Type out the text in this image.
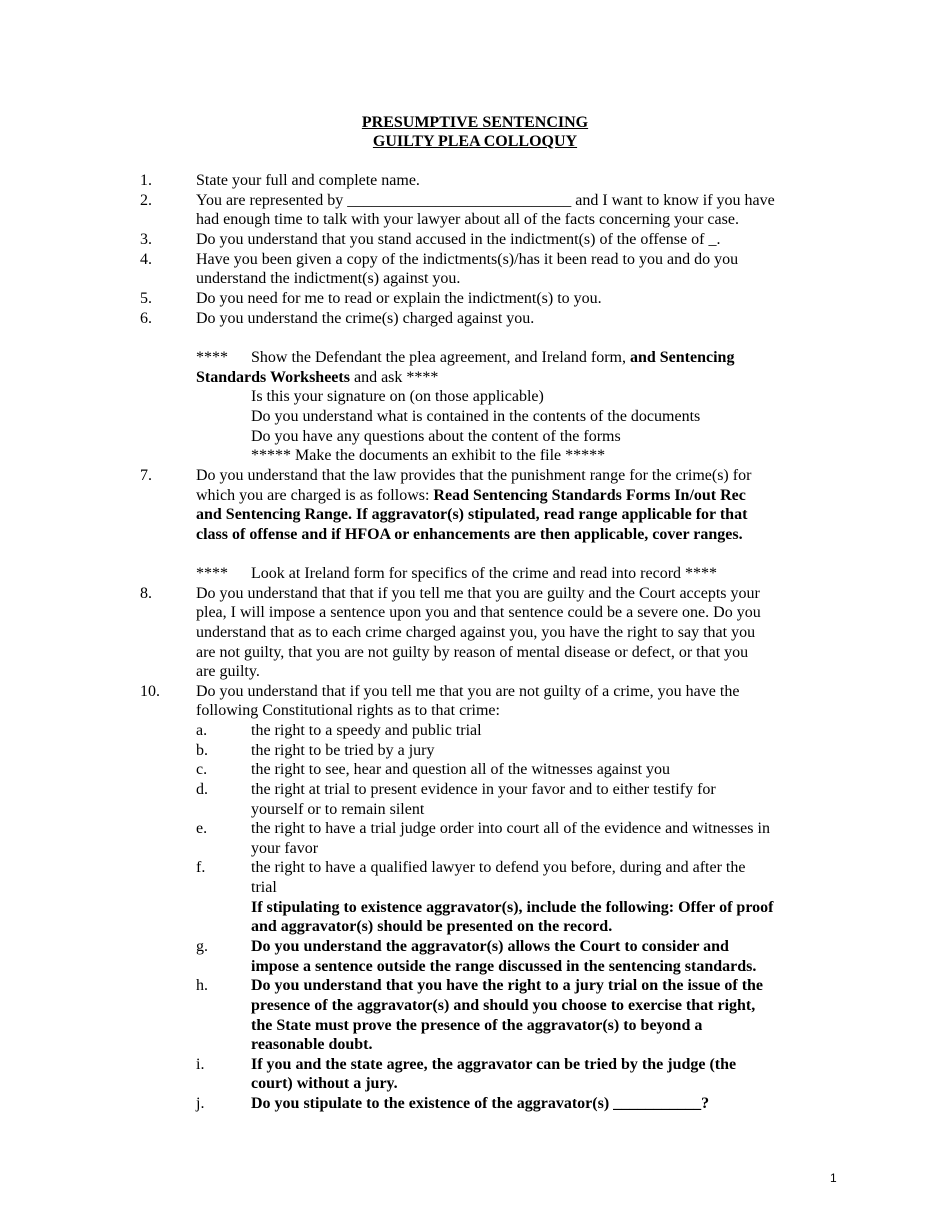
PRESUMPTIVE SENTENCING
GUILTY PLEA COLLOQUY
1.	State your full and complete name.
2.	You are represented by ____________________________ and I want to know if you have
had enough time to talk with your lawyer about all of the facts concerning your case.
3.	Do you understand that you stand accused in the indictment(s) of the offense of _.
4.	Have you been given a copy of the indictments(s)/has it been read to you and do you
understand the indictment(s) against you.
5.	Do you need for me to read or explain the indictment(s) to you.
6.	Do you understand the crime(s) charged against you.
**** Show the Defendant the plea agreement, and Ireland form, and Sentencing
Standards Worksheets and ask ****
Is this your signature on (on those applicable)
Do you understand what is contained in the contents of the documents
Do you have any questions about the content of the forms
***** Make the documents an exhibit to the file *****
7.	Do you understand that the law provides that the punishment range for the crime(s) for
which you are charged is as follows: Read Sentencing Standards Forms In/out Rec
and Sentencing Range. If aggravator(s) stipulated, read range applicable for that
class of offense and if HFOA or enhancements are then applicable, cover ranges.
**** Look at Ireland form for specifics of the crime and read into record ****
8.	Do you understand that that if you tell me that you are guilty and the Court accepts your
plea, I will impose a sentence upon you and that sentence could be a severe one. Do you
understand that as to each crime charged against you, you have the right to say that you
are not guilty, that you are not guilty by reason of mental disease or defect, or that you
are guilty.
10. Do you understand that if you tell me that you are not guilty of a crime, you have the
following Constitutional rights as to that crime:
a.	the right to a speedy and public trial
b.	the right to be tried by a jury
c.	the right to see, hear and question all of the witnesses against you
d.	the right at trial to present evidence in your favor and to either testify for
yourself or to remain silent
e.	the right to have a trial judge order into court all of the evidence and witnesses in
your favor
f.	the right to have a qualified lawyer to defend you before, during and after the
trial
If stipulating to existence aggravator(s), include the following: Offer of proof
and aggravator(s) should be presented on the record.
g.	Do you understand the aggravator(s) allows the Court to consider and
impose a sentence outside the range discussed in the sentencing standards.
h.	Do you understand that you have the right to a jury trial on the issue of the
presence of the aggravator(s) and should you choose to exercise that right,
the State must prove the presence of the aggravator(s) to beyond a
reasonable doubt.
i.	If you and the state agree, the aggravator can be tried by the judge (the
court) without a jury.
j.	Do you stipulate to the existence of the aggravator(s) ___________?
1
